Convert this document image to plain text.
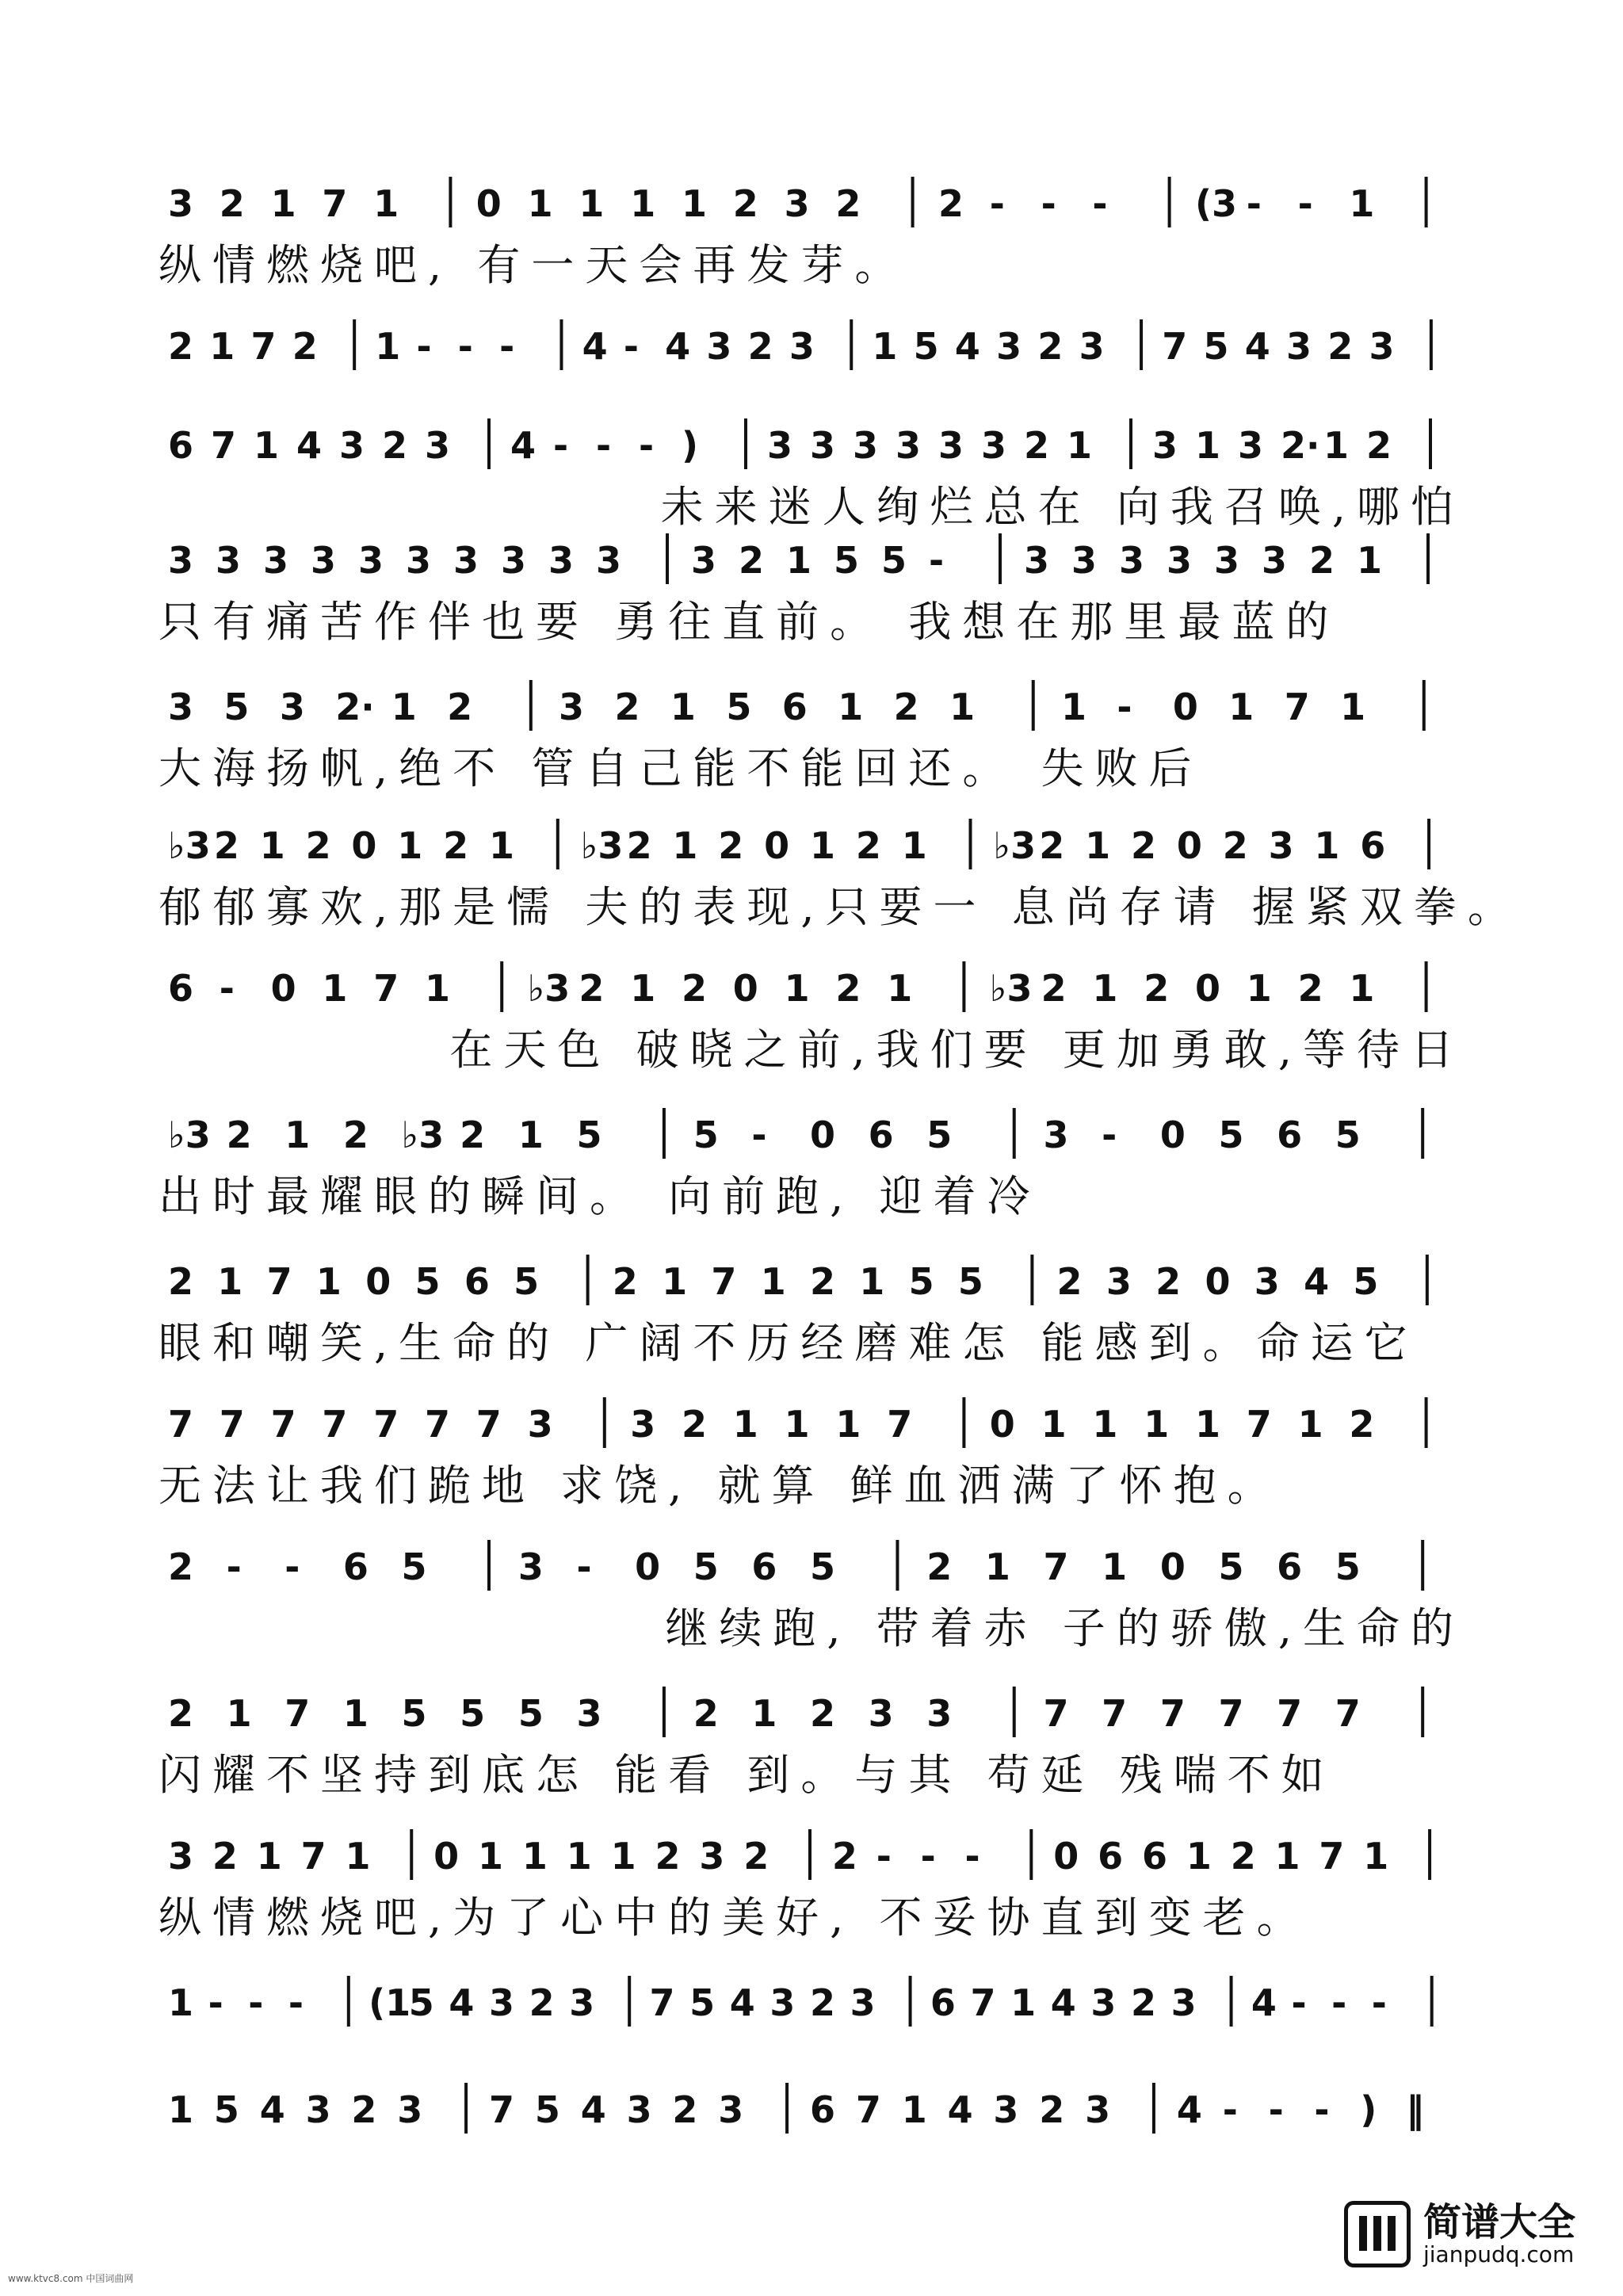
3 2 1 7 1 0 1 1 1 1 2 3 2 2 - - - (3 - - 1
纵情燃烧吧, 有一天会再发芽。
2 1 7 2 1 - - - 4 - 4 3 2 3 1 5 4 3 2 3 7 5 4 3 2 3
6 7 1 4 3 2 3 4 - - - ) 3 3 3 3 3 3 2 1 3 1 3 2· 1 2
未来迷人绚烂总在 向我召唤,哪怕
3 3 3 3 3 3 3 3 3 3 3 2 1 5 5 - 3 3 3 3 3 3 2 1
只有痛苦作伴也要 勇往直前。 我想在那里最蓝的
3 5 3 2· 1 2 3 2 1 5 6 1 2 1 1 - 0 1 7 1
大海扬帆,绝不 管自己能不能回还。 失败后
♭3 2 1 2 0 1 2 1 ♭3 2 1 2 0 1 2 1 ♭3 2 1 2 0 2 3 1 6
郁郁寡欢,那是懦 夫的表现,只要一 息尚存请 握紧双拳。
6 - 0 1 7 1 ♭3 2 1 2 0 1 2 1 ♭3 2 1 2 0 1 2 1
在天色 破晓之前,我们要 更加勇敢,等待日
♭3 2 1 2 ♭3 2 1 5	5 - 0 6 5	3 - 0 5 6 5
出时最耀眼的瞬间。 向前跑, 迎着冷
2 1 7 1 0 5 6 5 2 1 7 1 2 1 5 5 2 3 2 0 3 4 5
眼和嘲笑,生命的 广阔不历经磨难怎 能感到。命运它
7 7 7 7 7 7 7 3 3 2 1 1 1 7 0 1 1 1 1 7 1 2
无法让我们跪地 求饶, 就算 鲜血洒满了怀抱。
2 - - 6 5	3 - 0 5 6 5	2 1 7 1 0 5 6 5
继续跑, 带着赤 子的骄傲,生命的
2 1 7 1 5 5 5 3	2 1 2 3 3	7 7 7 7 7 7
闪耀不坚持到底怎 能看 到。与其 苟延 残喘不如
3 2 1 7 1 0 1 1 1 1 2 3 2 2 - - - 0 6 6 1 2 1 7 1
纵情燃烧吧,为了心中的美好, 不妥协直到变老。
1 - - - (1
5 4 3 2 3 7 5 4 3 2 3 6 7 1 4 3 2 3 4 - - -
1 5 4 3 2 3 7 5 4 3 2 3 6 7 1 4 3 2 3 4 - - - ) ‖
简谱大全
jianpudq.com
www.ktvc8.com 中国词曲网
